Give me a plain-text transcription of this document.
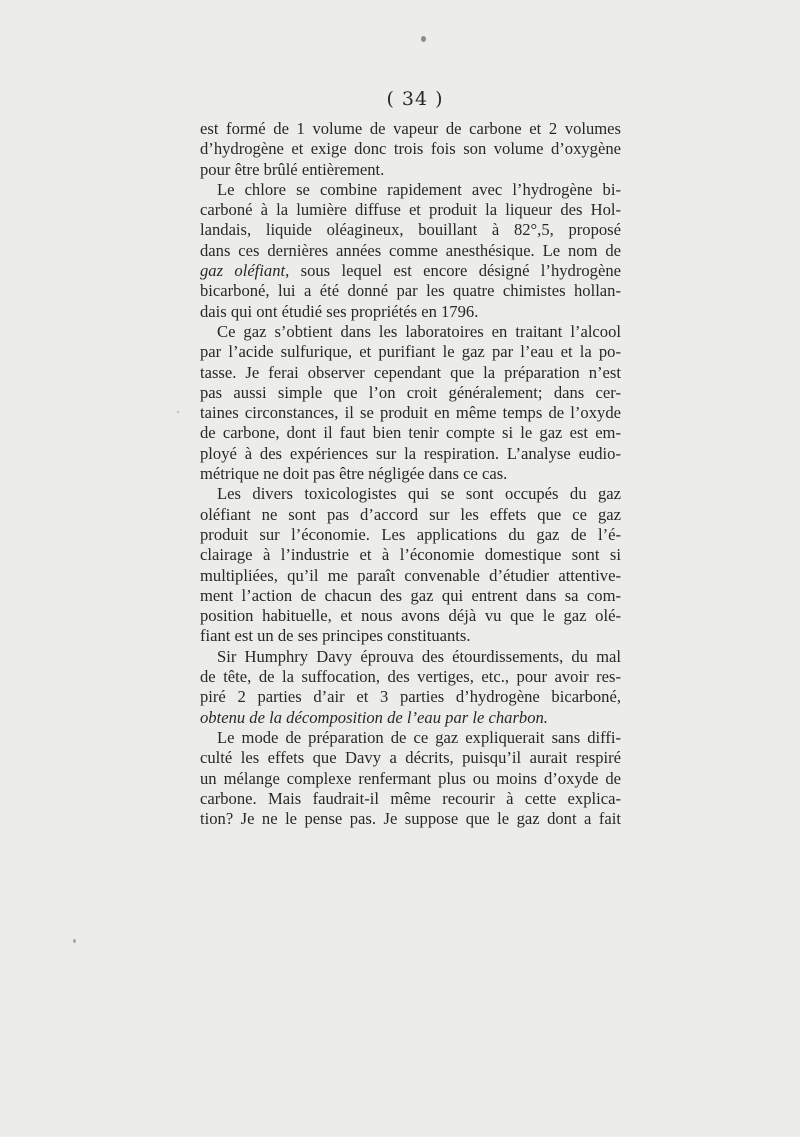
( 34 )
est formé de 1 volume de vapeur de carbone et 2 volumes
d’hydrogène et exige donc trois fois son volume d’oxygène
pour être brûlé entièrement.
Le chlore se combine rapidement avec l’hydrogène bi-
carboné à la lumière diffuse et produit la liqueur des Hol-
landais, liquide oléagineux, bouillant à 82°,5, proposé
dans ces dernières années comme anesthésique. Le nom de
gaz oléfiant, sous lequel est encore désigné l’hydrogène
bicarboné, lui a été donné par les quatre chimistes hollan-
dais qui ont étudié ses propriétés en 1796.
Ce gaz s’obtient dans les laboratoires en traitant l’alcool
par l’acide sulfurique, et purifiant le gaz par l’eau et la po-
tasse. Je ferai observer cependant que la préparation n’est
pas aussi simple que l’on croit généralement; dans cer-
taines circonstances, il se produit en même temps de l’oxyde
de carbone, dont il faut bien tenir compte si le gaz est em-
ployé à des expériences sur la respiration. L’analyse eudio-
métrique ne doit pas être négligée dans ce cas.
Les divers toxicologistes qui se sont occupés du gaz
oléfiant ne sont pas d’accord sur les effets que ce gaz
produit sur l’économie. Les applications du gaz de l’é-
clairage à l’industrie et à l’économie domestique sont si
multipliées, qu’il me paraît convenable d’étudier attentive-
ment l’action de chacun des gaz qui entrent dans sa com-
position habituelle, et nous avons déjà vu que le gaz olé-
fiant est un de ses principes constituants.
Sir Humphry Davy éprouva des étourdissements, du mal
de tête, de la suffocation, des vertiges, etc., pour avoir res-
piré 2 parties d’air et 3 parties d’hydrogène bicarboné,
obtenu de la décomposition de l’eau par le charbon.
Le mode de préparation de ce gaz expliquerait sans diffi-
culté les effets que Davy a décrits, puisqu’il aurait respiré
un mélange complexe renfermant plus ou moins d’oxyde de
carbone. Mais faudrait-il même recourir à cette explica-
tion? Je ne le pense pas. Je suppose que le gaz dont a fait
